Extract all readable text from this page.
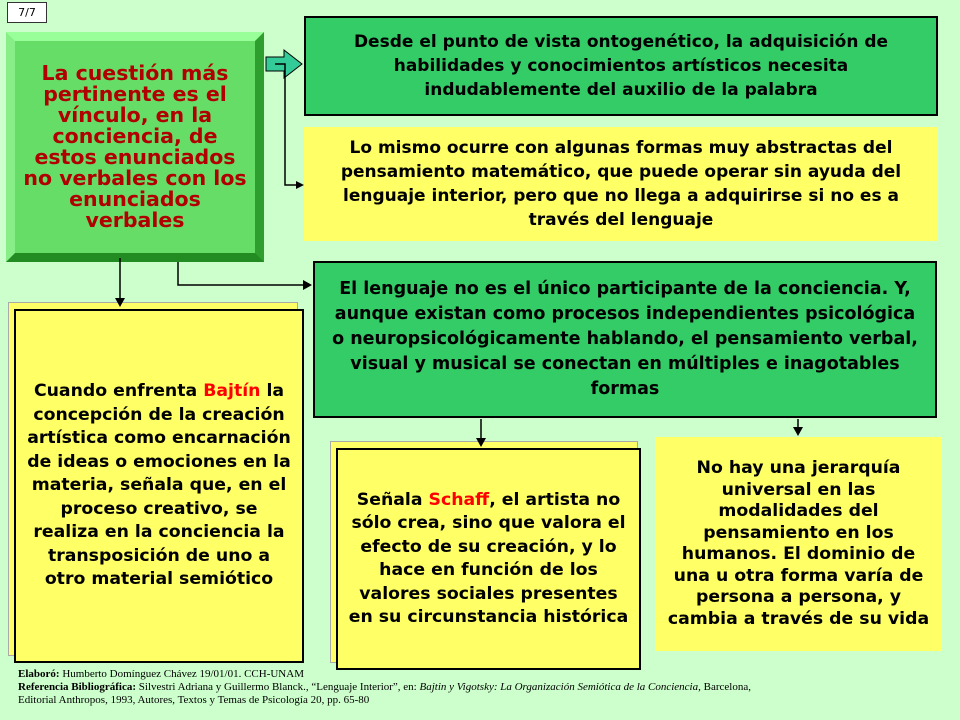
7/7
La cuestión más pertinente es el vínculo, en la conciencia, de estos enunciados no verbales con los enunciados verbales
Desde el punto de vista ontogenético, la adquisición de habilidades y conocimientos artísticos necesita indudablemente del auxilio de la palabra
Lo mismo ocurre con algunas formas muy abstractas del pensamiento matemático, que puede operar sin ayuda del lenguaje interior, pero que no llega a adquirirse si no es a través del lenguaje
El lenguaje no es el único participante de la conciencia. Y, aunque existan como procesos independientes psicológica o neuropsicológicamente hablando, el pensamiento verbal, visual y musical se conectan en múltiples e inagotables formas
Cuando enfrenta Bajtín la concepción de la creación artística como encarnación de ideas o emociones en la materia, señala que, en el proceso creativo, se realiza en la conciencia la transposición de uno a otro material semiótico
Señala Schaff, el artista no sólo crea, sino que valora el efecto de su creación, y lo hace en función de los valores sociales presentes en su circunstancia histórica
No hay una jerarquía universal en las modalidades del pensamiento en los humanos. El dominio de una u otra forma varía de persona a persona, y cambia a través de su vida
Elaboró: Humberto Domínguez Chávez 19/01/01. CCH-UNAM
Referencia Bibliográfica: Silvestri Adriana y Guillermo Blanck., “Lenguaje Interior”, en: Bajtin y Vigotsky: La Organización Semiótica de la Conciencia, Barcelona,
Editorial Anthropos, 1993, Autores, Textos y Temas de Psicología 20, pp. 65-80
